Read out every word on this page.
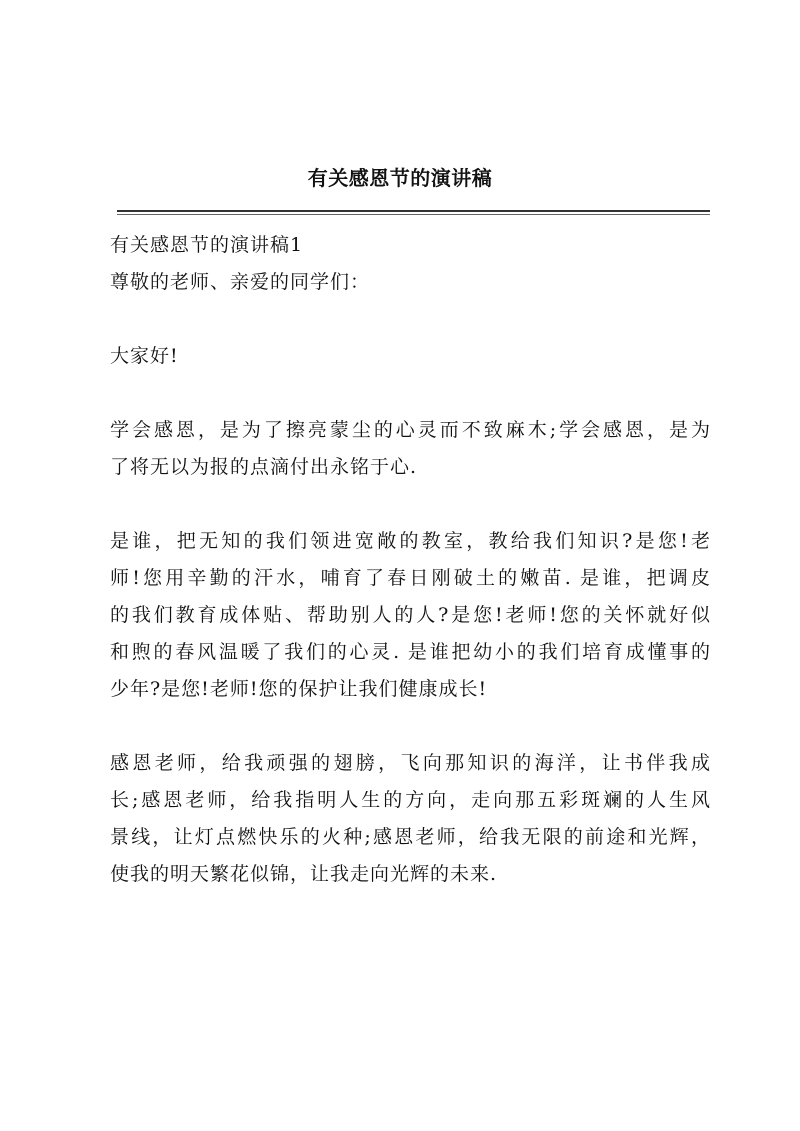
有关感恩节的演讲稿
有关感恩节的演讲稿1
尊敬的老师、亲爱的同学们：
大家好!
学会感恩，是为了擦亮蒙尘的心灵而不致麻木;学会感恩，是为
了将无以为报的点滴付出永铭于心.
是谁，把无知的我们领进宽敞的教室，教给我们知识?是您!老
师!您用辛勤的汗水，哺育了春日刚破土的嫩苗. 是谁，把调皮
的我们教育成体贴、帮助别人的人?是您!老师!您的关怀就好似
和煦的春风温暖了我们的心灵. 是谁把幼小的我们培育成懂事的
少年?是您!老师!您的保护让我们健康成长!
感恩老师，给我顽强的翅膀，飞向那知识的海洋，让书伴我成
长;感恩老师，给我指明人生的方向，走向那五彩斑斓的人生风
景线，让灯点燃快乐的火种;感恩老师，给我无限的前途和光辉，
使我的明天繁花似锦，让我走向光辉的未来.
